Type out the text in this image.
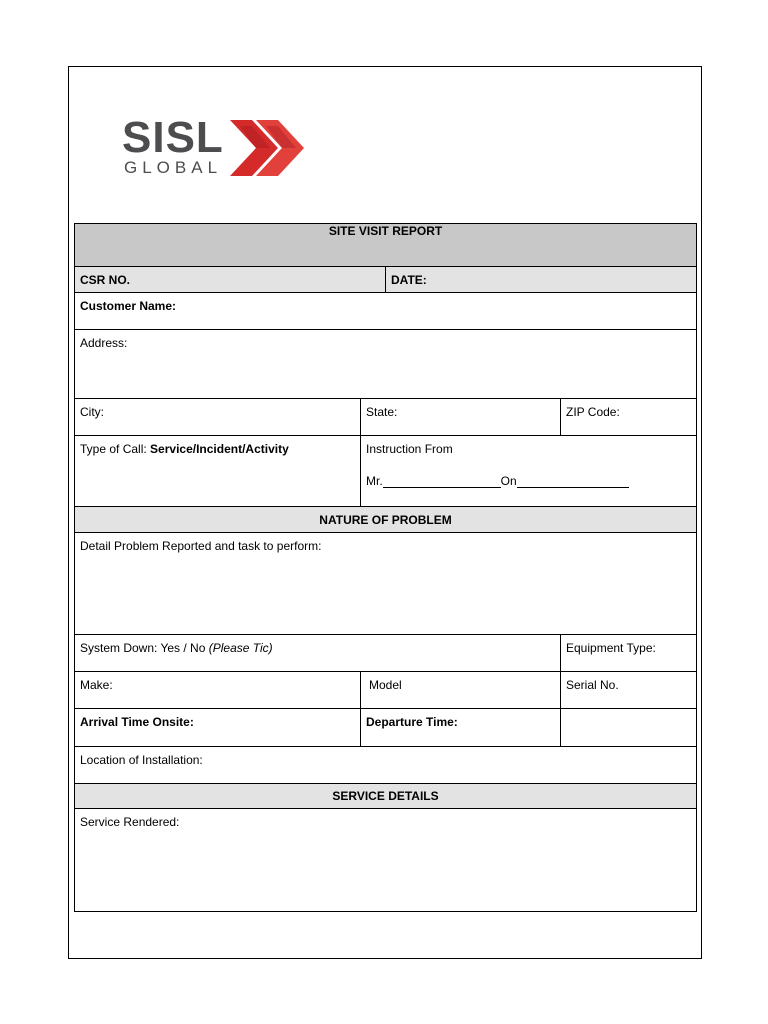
SISL
GLOBAL
SITE VISIT REPORT			
CSR NO.		DATE:	
Customer Name:			
Address:			
City:	State:		ZIP Code:
Type of Call: Service/Incident/Activity	Instruction From
Mr. On		

NATURE OF PROBLEM			
Detail Problem Reported and task to perform:			
System Down: Yes / No (Please Tic)			Equipment Type:
Make:	Model		Serial No.
Arrival Time Onsite:	Departure Time:		
Location of Installation:			
SERVICE DETAILS			
Service Rendered:			
